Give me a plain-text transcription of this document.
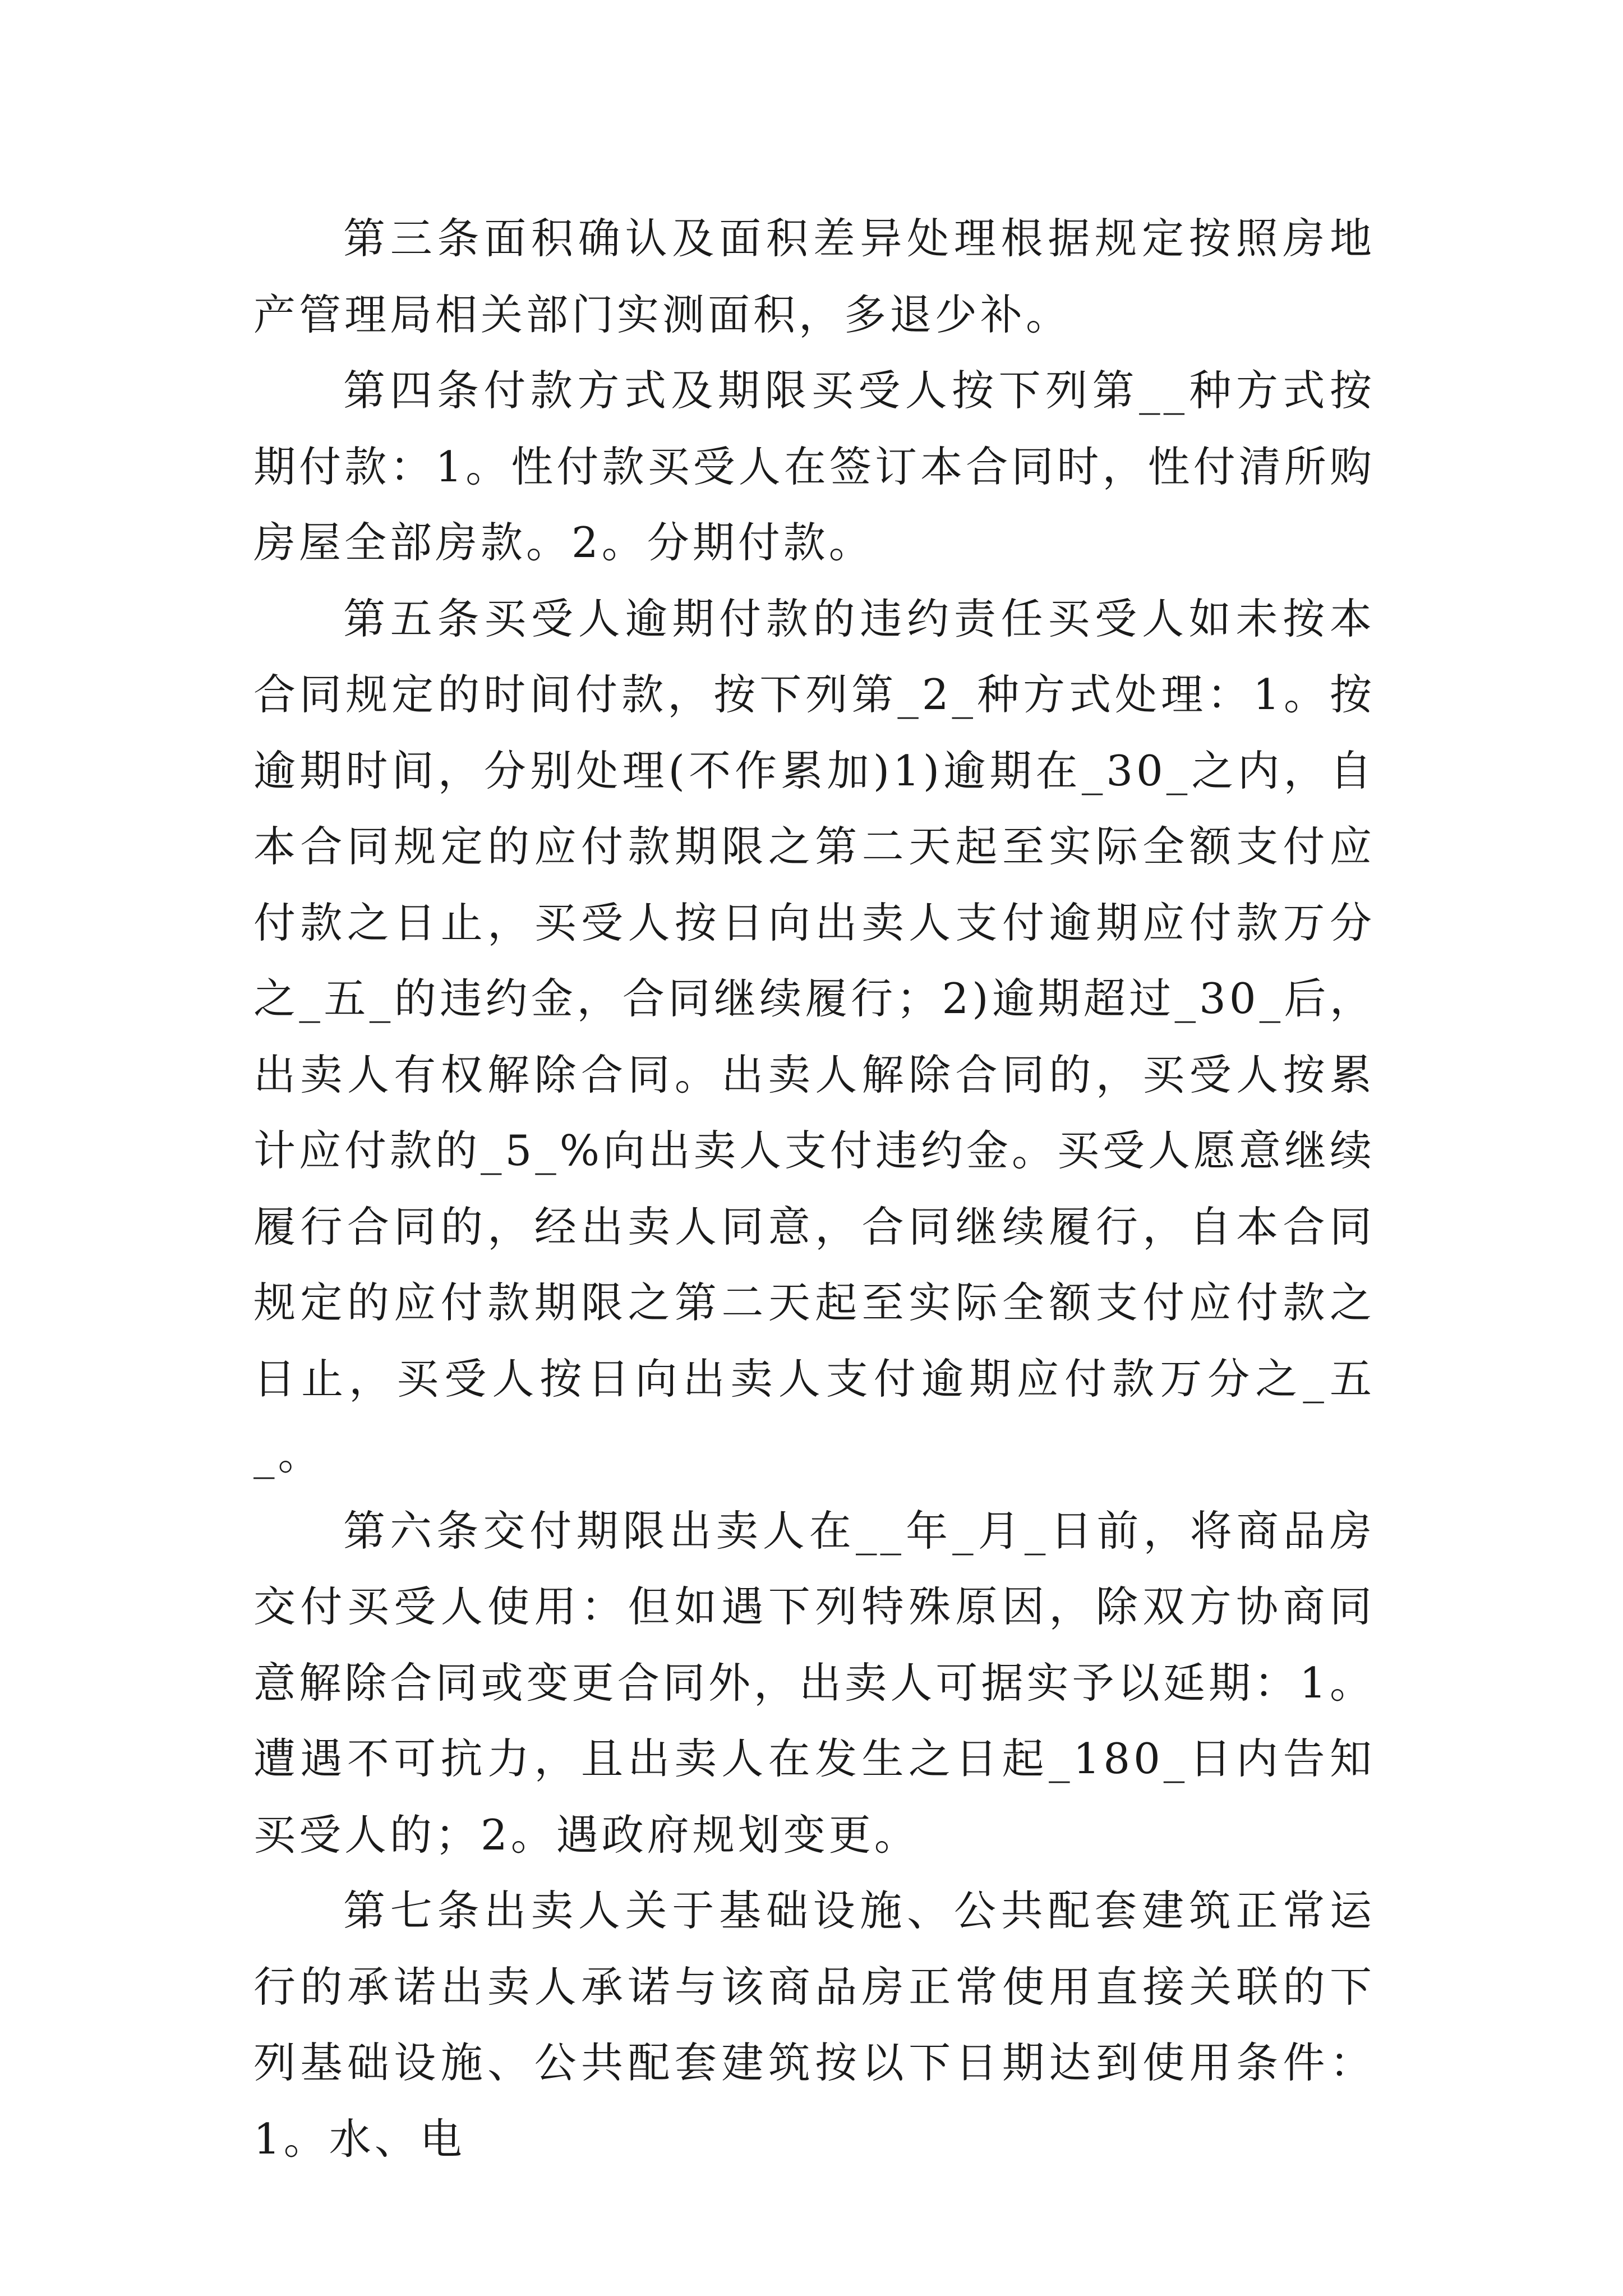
第三条面积确认及面积差异处理根据规定按照房地产管理局相关部门实测面积，多退少补。

第四条付款方式及期限买受人按下列第__种方式按期付款：1。性付款买受人在签订本合同时，性付清所购房屋全部房款。2。分期付款。

第五条买受人逾期付款的违约责任买受人如未按本合同规定的时间付款，按下列第_2_种方式处理：1。按逾期时间，分别处理(不作累加)1)逾期在_30_之内，自本合同规定的应付款期限之第二天起至实际全额支付应付款之日止，买受人按日向出卖人支付逾期应付款万分之_五_的违约金，合同继续履行；2)逾期超过_30_后，出卖人有权解除合同。出卖人解除合同的，买受人按累计应付款的_5_%向出卖人支付违约金。买受人愿意继续履行合同的，经出卖人同意，合同继续履行，自本合同规定的应付款期限之第二天起至实际全额支付应付款之日止，买受人按日向出卖人支付逾期应付款万分之_五_。

第六条交付期限出卖人在__年_月_日前，将商品房交付买受人使用：但如遇下列特殊原因，除双方协商同意解除合同或变更合同外，出卖人可据实予以延期：1。遭遇不可抗力，且出卖人在发生之日起_180_日内告知买受人的；2。遇政府规划变更。

第七条出卖人关于基础设施、公共配套建筑正常运行的承诺出卖人承诺与该商品房正常使用直接关联的下列基础设施、公共配套建筑按以下日期达到使用条件：1。水、电
